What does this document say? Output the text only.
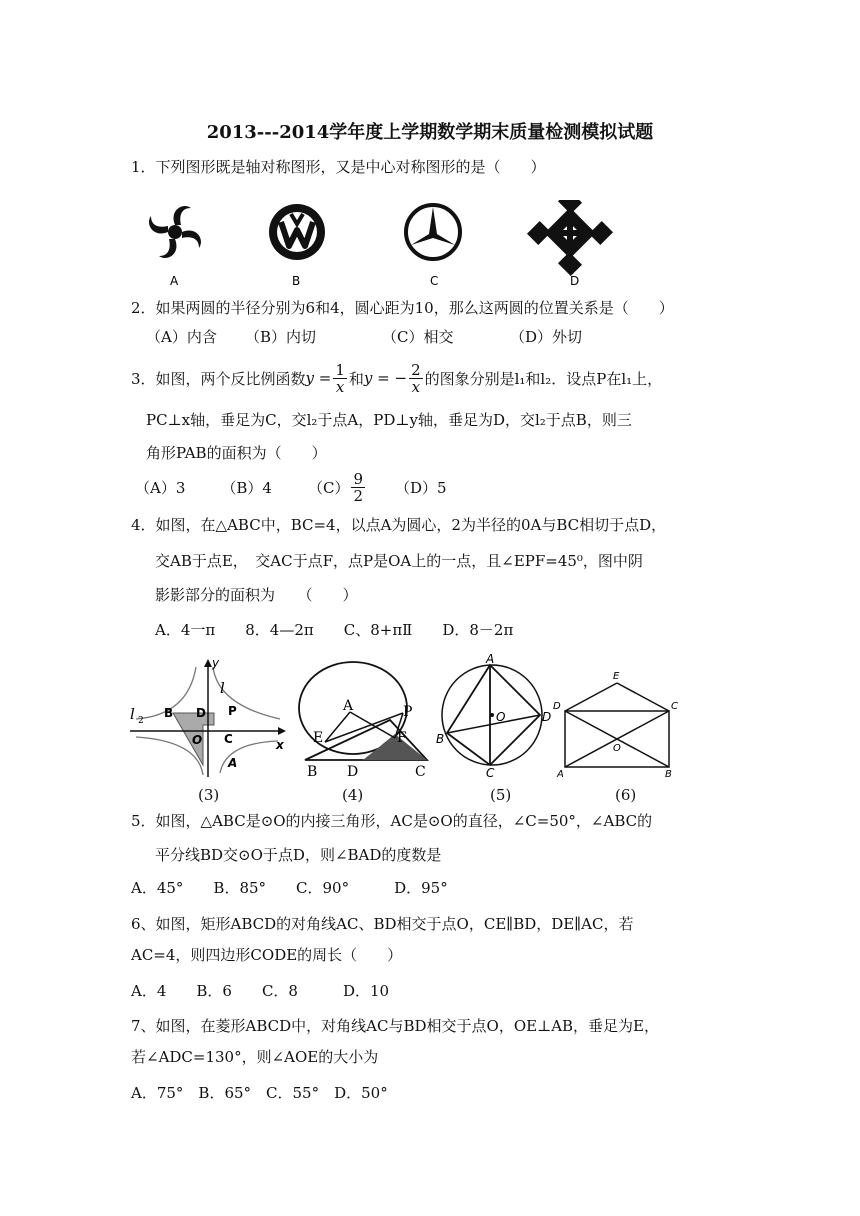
2013---2014学年度上学期数学期末质量检测模拟试题
1．下列图形既是轴对称图形，又是中心对称图形的是（　　）
A	B	C	D
2．如果两圆的半径分别为6和4，圆心距为10，那么这两圆的位置关系是（　　）
（A）内含 （B）内切	（C）相交	（D）外切
3．如图，两个反比例函数 $y = \frac{1}{x}$ 和 y = − $\frac{2}{x}$ 的图象分别是l₁和l₂．设点P在l₁上，
PC⊥x轴，垂足为C，交l₂于点A，PD⊥y轴，垂足为D，交l₂于点B，则三
角形PAB的面积为（　　）
（A）3 （B）4 $(C) \frac{9}{2} (D)5$
4．如图，在△ABC中，BC=4，以点A为圆心，2为半径的0A与BC相切于点D，
交AB于点E，　交AC于点F，点P是OA上的一点，且∠EPF=45⁰，图中阴
影影部分的面积为　　（　　）
A．4一π　　8．4—2π　　C、8+πⅡ　　D．8－2π
y
x
l
l 2
B D P
O C
A
A	P
E	F
B D	C
A
O	D
B
C
E
D	C
O
A	B
(3)	(4)	(5)	(6)
5．如图，△ABC是⊙O的内接三角形，AC是⊙O的直径，∠C=50°，∠ABC的
平分线BD交⊙O于点D，则∠BAD的度数是
A．45°　　B．85°　　C．90°　　　D．95°
6、如图，矩形ABCD的对角线AC、BD相交于点O，CE∥BD，DE∥AC，若
AC=4，则四边形CODE的周长（　　）
A．4　　B．6　　C．8　　　D．10
7、如图，在菱形ABCD中，对角线AC与BD相交于点O，OE⊥AB，垂足为E，
若∠ADC=130°，则∠AOE的大小为
A．75°　B．65°　C．55°　D．50°
